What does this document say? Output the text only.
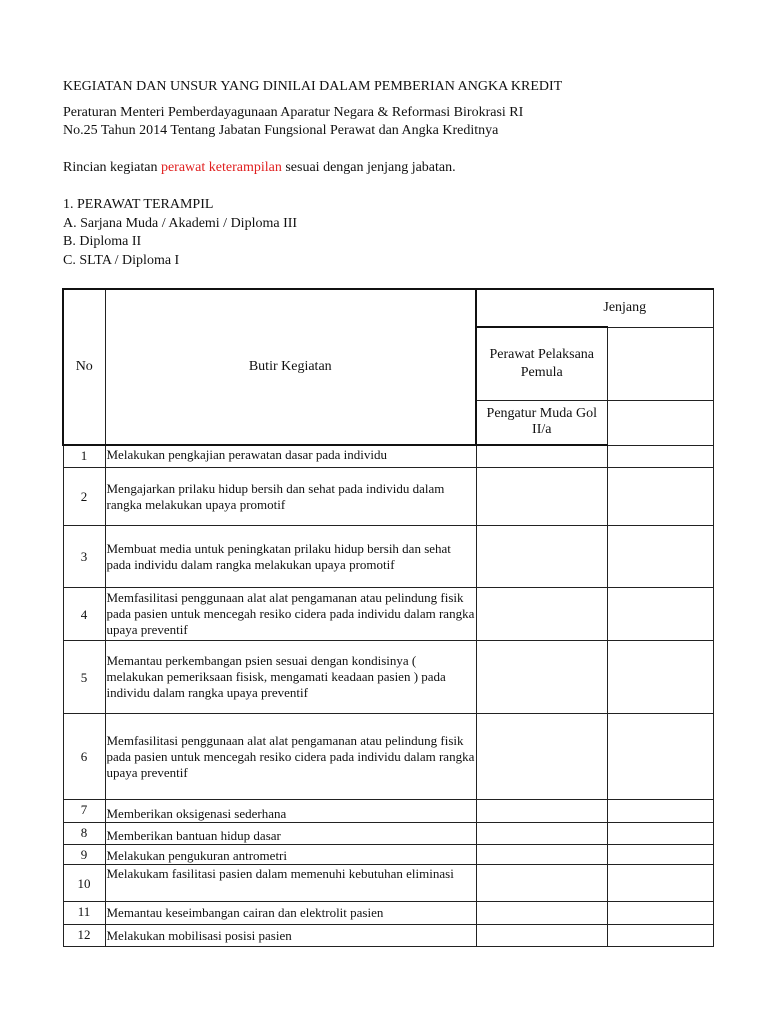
KEGIATAN DAN UNSUR YANG DINILAI DALAM PEMBERIAN ANGKA KREDIT
Peraturan Menteri Pemberdayagunaan Aparatur Negara & Reformasi Birokrasi RI
No.25 Tahun 2014 Tentang Jabatan Fungsional Perawat dan Angka Kreditnya
Rincian kegiatan perawat keterampilan sesuai dengan jenjang jabatan.
1. PERAWAT TERAMPIL
A. Sarjana Muda / Akademi / Diploma III
B. Diploma II
C. SLTA / Diploma I
No	Butir Kegiatan	Jenjang	
		Perawat Pelaksana Pemula	
		Pengatur Muda Gol II/a	
1	Melakukan pengkajian perawatan dasar pada individu		
2	Mengajarkan prilaku hidup bersih dan sehat pada individu dalam rangka melakukan upaya promotif		
3	Membuat media untuk peningkatan prilaku hidup bersih dan sehat pada individu dalam rangka melakukan upaya promotif		
4	Memfasilitasi penggunaan alat alat pengamanan atau pelindung fisik pada pasien untuk mencegah resiko cidera pada individu dalam rangka upaya preventif		
5	Memantau perkembangan psien sesuai dengan kondisinya ( melakukan pemeriksaan fisisk, mengamati keadaan pasien ) pada individu dalam rangka upaya preventif		
6	Memfasilitasi penggunaan alat alat pengamanan atau pelindung fisik pada pasien untuk mencegah resiko cidera pada individu dalam rangka upaya preventif		
7	Memberikan oksigenasi sederhana		
8	Memberikan bantuan hidup dasar		
9	Melakukan pengukuran antrometri		
10	Melakukam fasilitasi pasien dalam memenuhi kebutuhan eliminasi		
11	Memantau keseimbangan cairan dan elektrolit pasien		
12	Melakukan mobilisasi posisi pasien		
